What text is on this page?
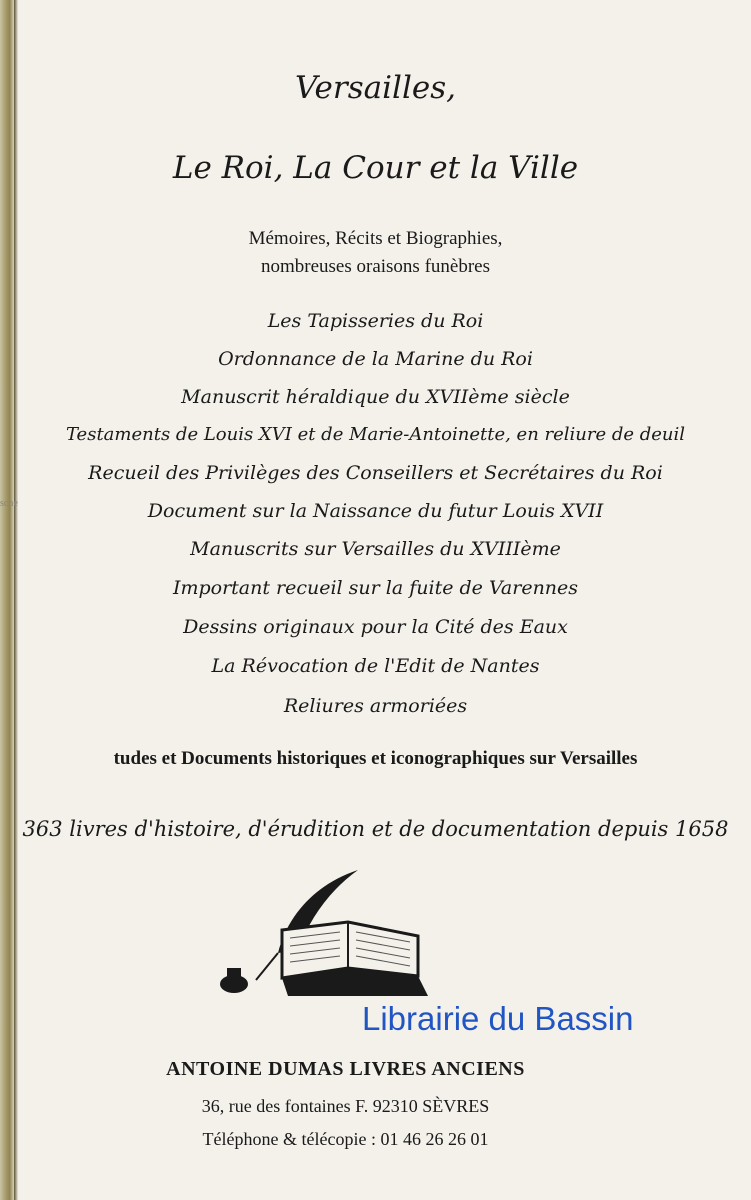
sche
Versailles,
Le Roi, La Cour et la Ville
Mémoires, Récits et Biographies,
nombreuses oraisons funèbres
Les Tapisseries du Roi
Ordonnance de la Marine du Roi
Manuscrit héraldique du XVIIème siècle
Testaments de Louis XVI et de Marie-Antoinette, en reliure de deuil
Recueil des Privilèges des Conseillers et Secrétaires du Roi
Document sur la Naissance du futur Louis XVII
Manuscrits sur Versailles du XVIIIème
Important recueil sur la fuite de Varennes
Dessins originaux pour la Cité des Eaux
La Révocation de l'Edit de Nantes
Reliures armoriées
tudes et Documents historiques et iconographiques sur Versailles
363 livres d'histoire, d'érudition et de documentation depuis 1658
Librairie du Bassin
ANTOINE DUMAS LIVRES ANCIENS
36, rue des fontaines F. 92310 SÈVRES
Téléphone & télécopie : 01 46 26 26 01
